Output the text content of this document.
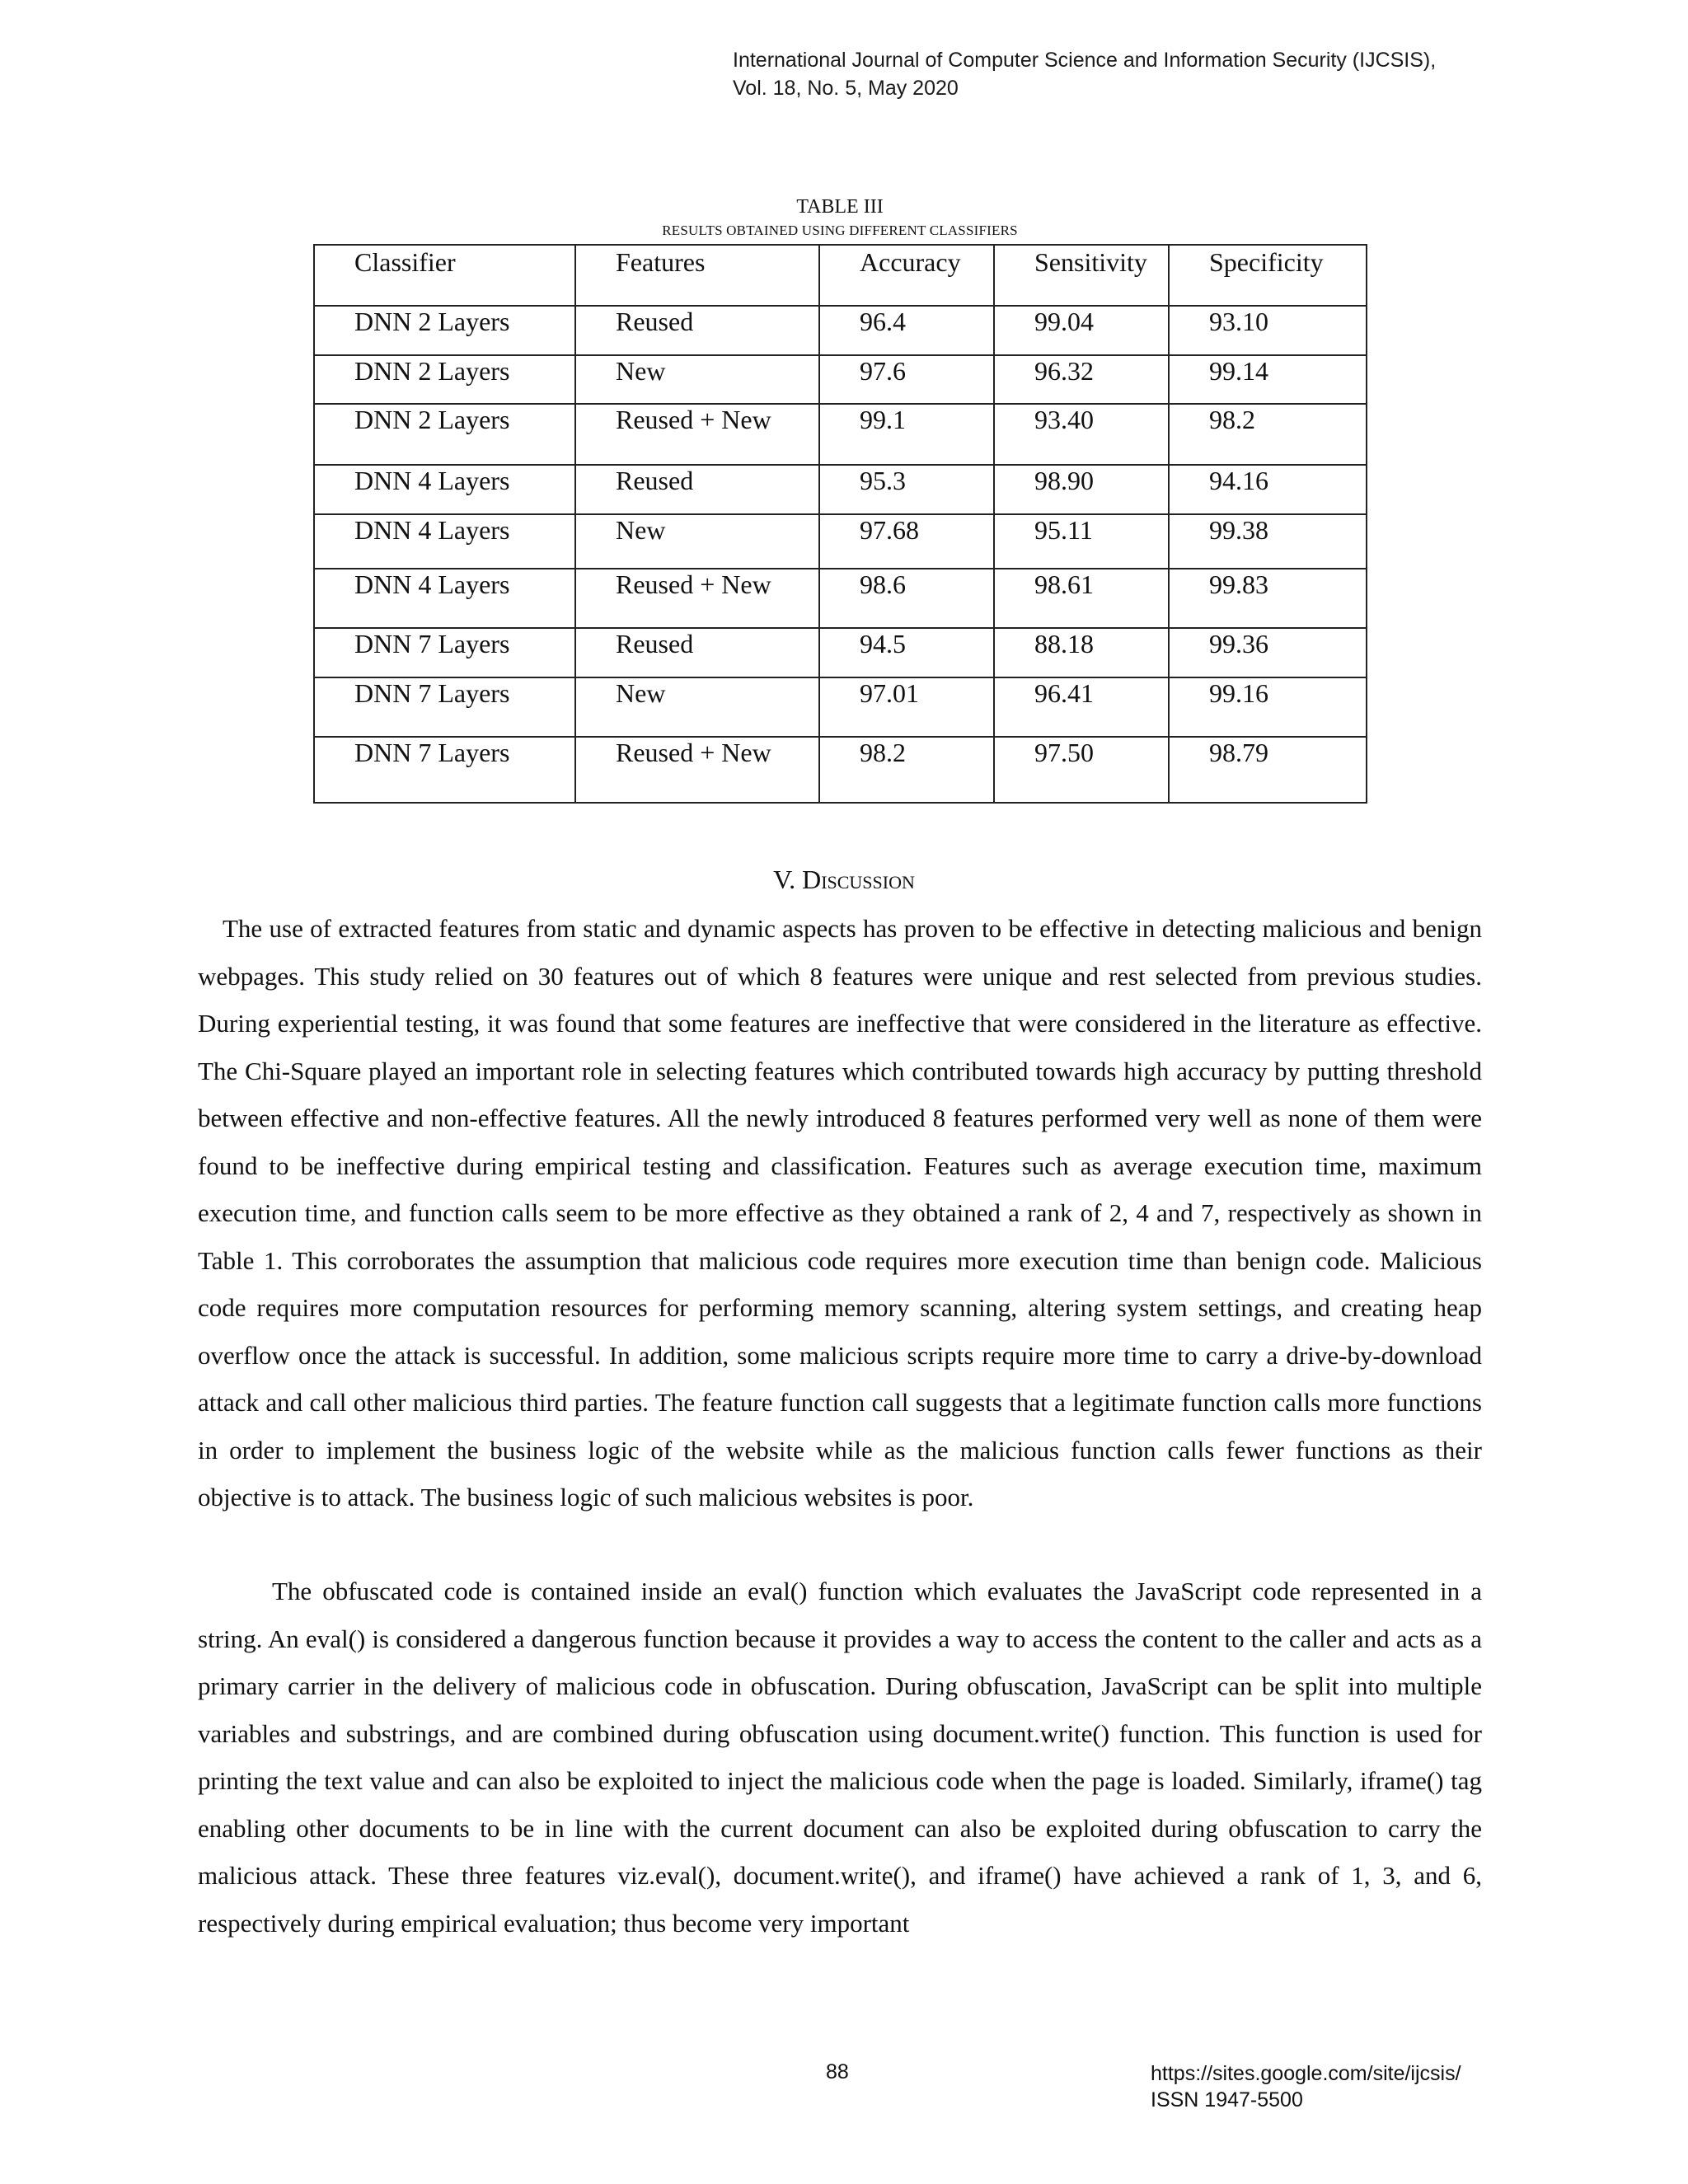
International Journal of Computer Science and Information Security (IJCSIS),
Vol. 18, No. 5, May 2020
TABLE III
RESULTS OBTAINED USING DIFFERENT CLASSIFIERS
Classifier	Features	Accuracy	Sensitivity	Specificity
DNN 2 Layers	Reused	96.4	99.04	93.10
DNN 2 Layers	New	97.6	96.32	99.14
DNN 2 Layers	Reused + New	99.1	93.40	98.2
DNN 4 Layers	Reused	95.3	98.90	94.16
DNN 4 Layers	New	97.68	95.11	99.38
DNN 4 Layers	Reused + New	98.6	98.61	99.83
DNN 7 Layers	Reused	94.5	88.18	99.36
DNN 7 Layers	New	97.01	96.41	99.16
DNN 7 Layers	Reused + New	98.2	97.50	98.79
V. Discussion

The use of extracted features from static and dynamic aspects has proven to be effective in detecting malicious and benign webpages. This study relied on 30 features out of which 8 features were unique and rest selected from previous studies. During experiential testing, it was found that some features are ineffective that were considered in the literature as effective. The Chi-Square played an important role in selecting features which contributed towards high accuracy by putting threshold between effective and non-effective features. All the newly introduced 8 features performed very well as none of them were found to be ineffective during empirical testing and classification. Features such as average execution time, maximum execution time, and function calls seem to be more effective as they obtained a rank of 2, 4 and 7, respectively as shown in Table 1. This corroborates the assumption that malicious code requires more execution time than benign code. Malicious code requires more computation resources for performing memory scanning, altering system settings, and creating heap overflow once the attack is successful. In addition, some malicious scripts require more time to carry a drive-by-download attack and call other malicious third parties. The feature function call suggests that a legitimate function calls more functions in order to implement the business logic of the website while as the malicious function calls fewer functions as their objective is to attack. The business logic of such malicious websites is poor.

The obfuscated code is contained inside an eval() function which evaluates the JavaScript code represented in a string. An eval() is considered a dangerous function because it provides a way to access the content to the caller and acts as a primary carrier in the delivery of malicious code in obfuscation. During obfuscation, JavaScript can be split into multiple variables and substrings, and are combined during obfuscation using document.write() function. This function is used for printing the text value and can also be exploited to inject the malicious code when the page is loaded. Similarly, iframe() tag enabling other documents to be in line with the current document can also be exploited during obfuscation to carry the malicious attack. These three features viz.eval(), document.write(), and iframe() have achieved a rank of 1, 3, and 6, respectively during empirical evaluation; thus become very important

88	https://sites.google.com/site/ijcsis/
ISSN 1947-5500
